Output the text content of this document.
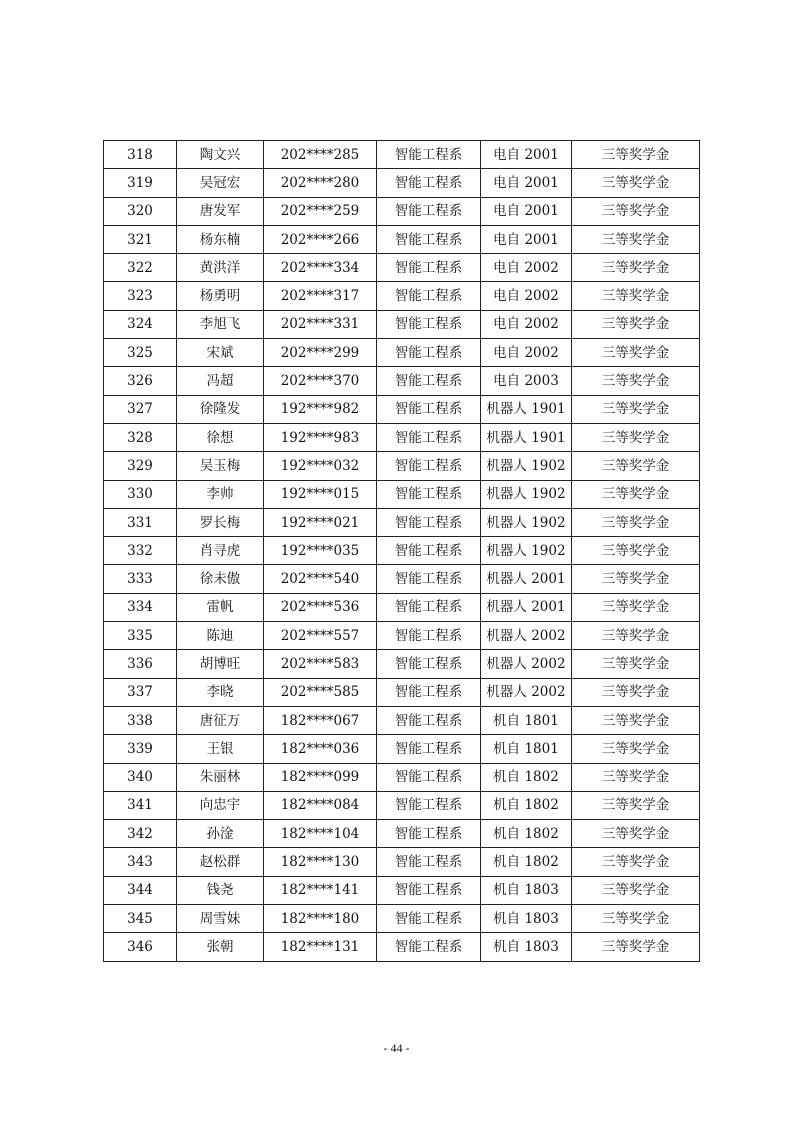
318	陶文兴	202****285	智能工程系	电自 2001	三等奖学金
319	吴冠宏	202****280	智能工程系	电自 2001	三等奖学金
320	唐发军	202****259	智能工程系	电自 2001	三等奖学金
321	杨东楠	202****266	智能工程系	电自 2001	三等奖学金
322	黄洪洋	202****334	智能工程系	电自 2002	三等奖学金
323	杨勇明	202****317	智能工程系	电自 2002	三等奖学金
324	李旭飞	202****331	智能工程系	电自 2002	三等奖学金
325	宋斌	202****299	智能工程系	电自 2002	三等奖学金
326	冯超	202****370	智能工程系	电自 2003	三等奖学金
327	徐隆发	192****982	智能工程系	机器人 1901	三等奖学金
328	徐想	192****983	智能工程系	机器人 1901	三等奖学金
329	吴玉梅	192****032	智能工程系	机器人 1902	三等奖学金
330	李帅	192****015	智能工程系	机器人 1902	三等奖学金
331	罗长梅	192****021	智能工程系	机器人 1902	三等奖学金
332	肖寻虎	192****035	智能工程系	机器人 1902	三等奖学金
333	徐未傲	202****540	智能工程系	机器人 2001	三等奖学金
334	雷帆	202****536	智能工程系	机器人 2001	三等奖学金
335	陈迪	202****557	智能工程系	机器人 2002	三等奖学金
336	胡博旺	202****583	智能工程系	机器人 2002	三等奖学金
337	李晓	202****585	智能工程系	机器人 2002	三等奖学金
338	唐征万	182****067	智能工程系	机自 1801	三等奖学金
339	王银	182****036	智能工程系	机自 1801	三等奖学金
340	朱丽林	182****099	智能工程系	机自 1802	三等奖学金
341	向忠宇	182****084	智能工程系	机自 1802	三等奖学金
342	孙淦	182****104	智能工程系	机自 1802	三等奖学金
343	赵松群	182****130	智能工程系	机自 1802	三等奖学金
344	钱尧	182****141	智能工程系	机自 1803	三等奖学金
345	周雪妹	182****180	智能工程系	机自 1803	三等奖学金
346	张朝	182****131	智能工程系	机自 1803	三等奖学金
- 44 -
